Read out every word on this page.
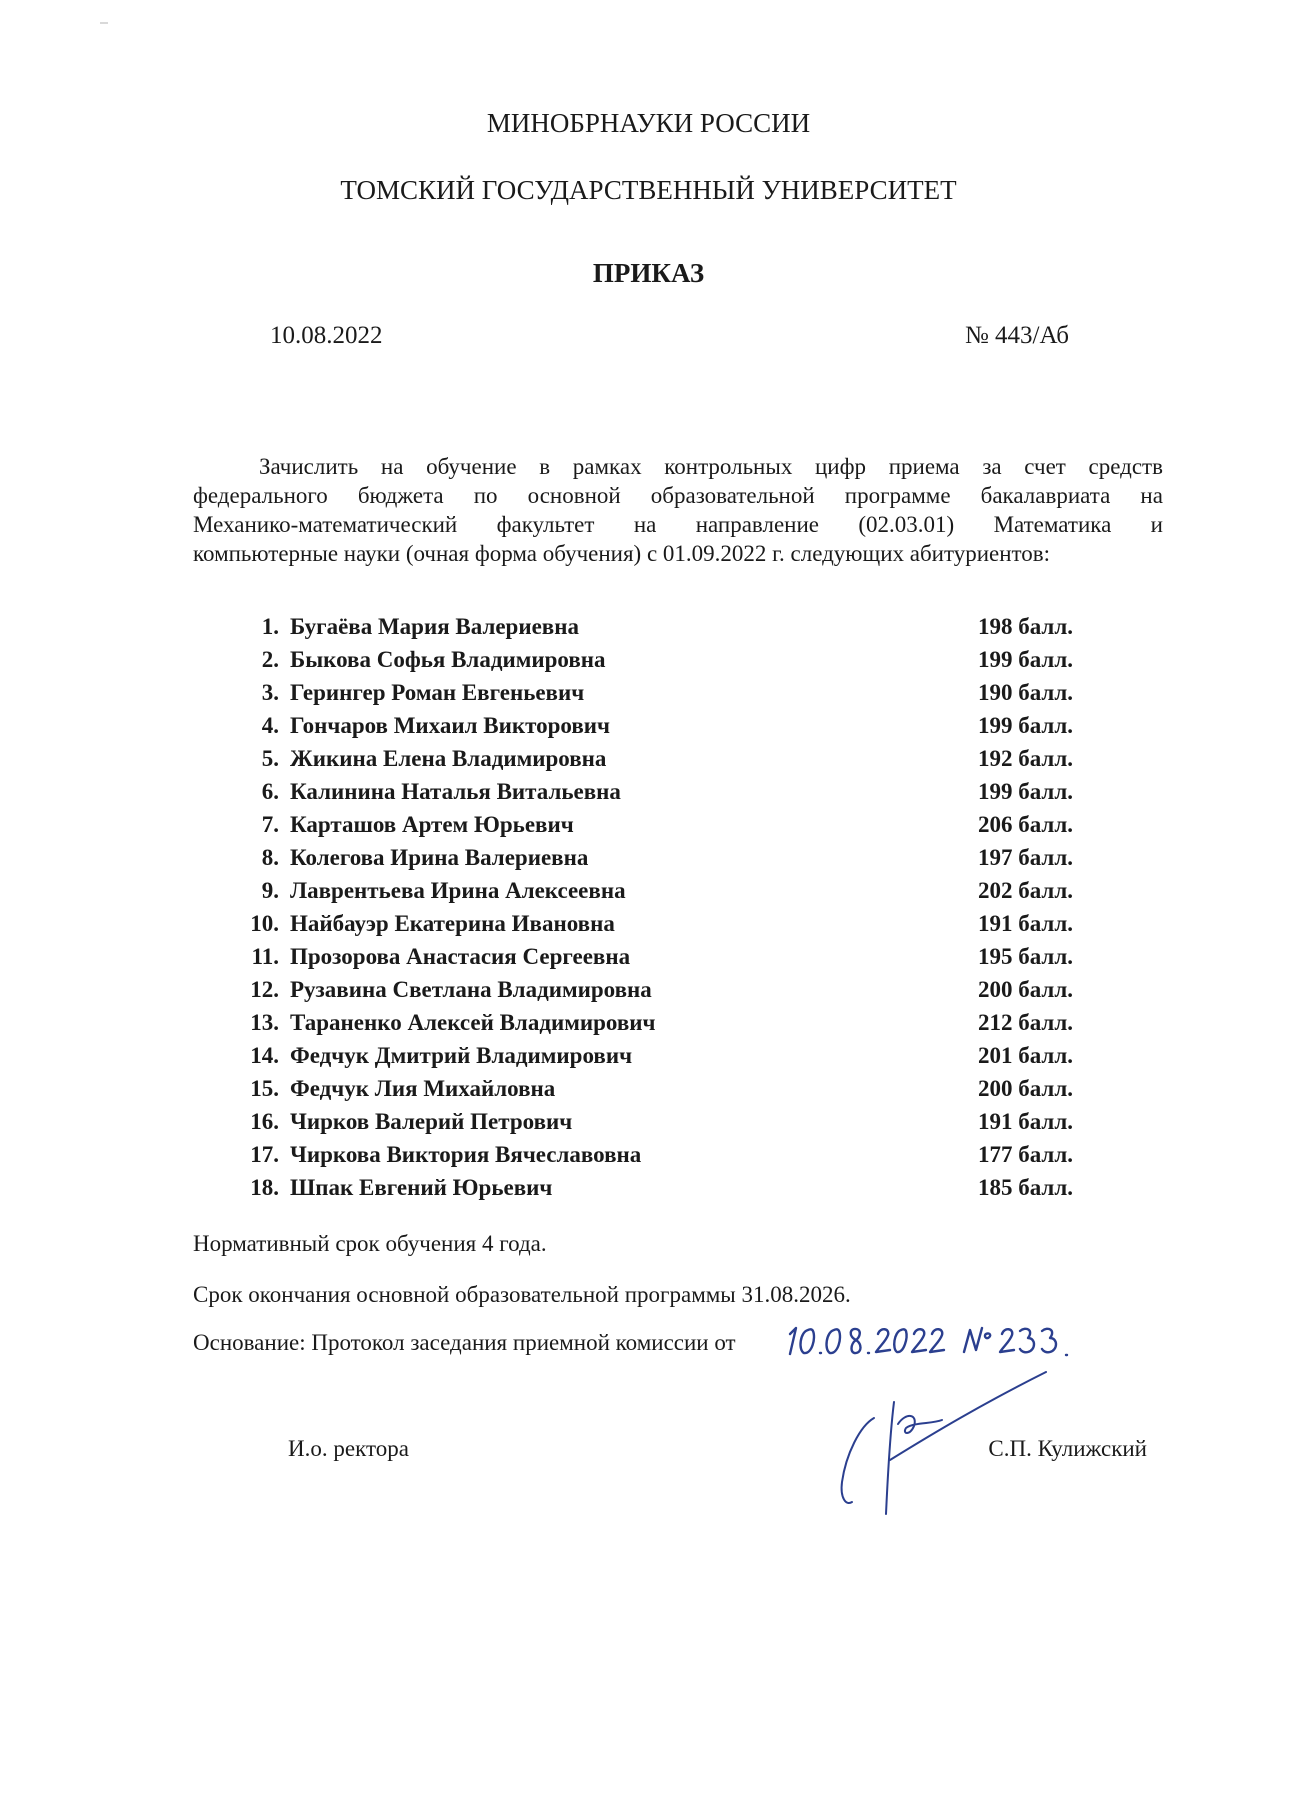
МИНОБРНАУКИ РОССИИ
ТОМСКИЙ ГОСУДАРСТВЕННЫЙ УНИВЕРСИТЕТ
ПРИКАЗ
10.08.2022	№ 443/Аб
Зачислить на обучение в рамках контрольных цифр приема за счет средств
федерального бюджета по основной образовательной программе бакалавриата на
Механико-математический факультет на направление (02.03.01) Математика и
компьютерные науки (очная форма обучения) с 01.09.2022 г. следующих абитуриентов:
1. Бугаёва Мария Валериевна	198 балл.
2. Быкова Софья Владимировна	199 балл.
3. Герингер Роман Евгеньевич	190 балл.
4. Гончаров Михаил Викторович	199 балл.
5. Жикина Елена Владимировна	192 балл.
6. Калинина Наталья Витальевна	199 балл.
7. Карташов Артем Юрьевич	206 балл.
8. Колегова Ирина Валериевна	197 балл.
9. Лаврентьева Ирина Алексеевна	202 балл.
10. Найбауэр Екатерина Ивановна	191 балл.
11. Прозорова Анастасия Сергеевна	195 балл.
12. Рузавина Светлана Владимировна	200 балл.
13. Тараненко Алексей Владимирович	212 балл.
14. Федчук Дмитрий Владимирович	201 балл.
15. Федчук Лия Михайловна	200 балл.
16. Чирков Валерий Петрович	191 балл.
17. Чиркова Виктория Вячеславовна	177 балл.
18. Шпак Евгений Юрьевич	185 балл.
Нормативный срок обучения 4 года.
Срок окончания основной образовательной программы 31.08.2026.
Основание: Протокол заседания приемной комиссии от
И.о. ректора	С.П. Кулижский
